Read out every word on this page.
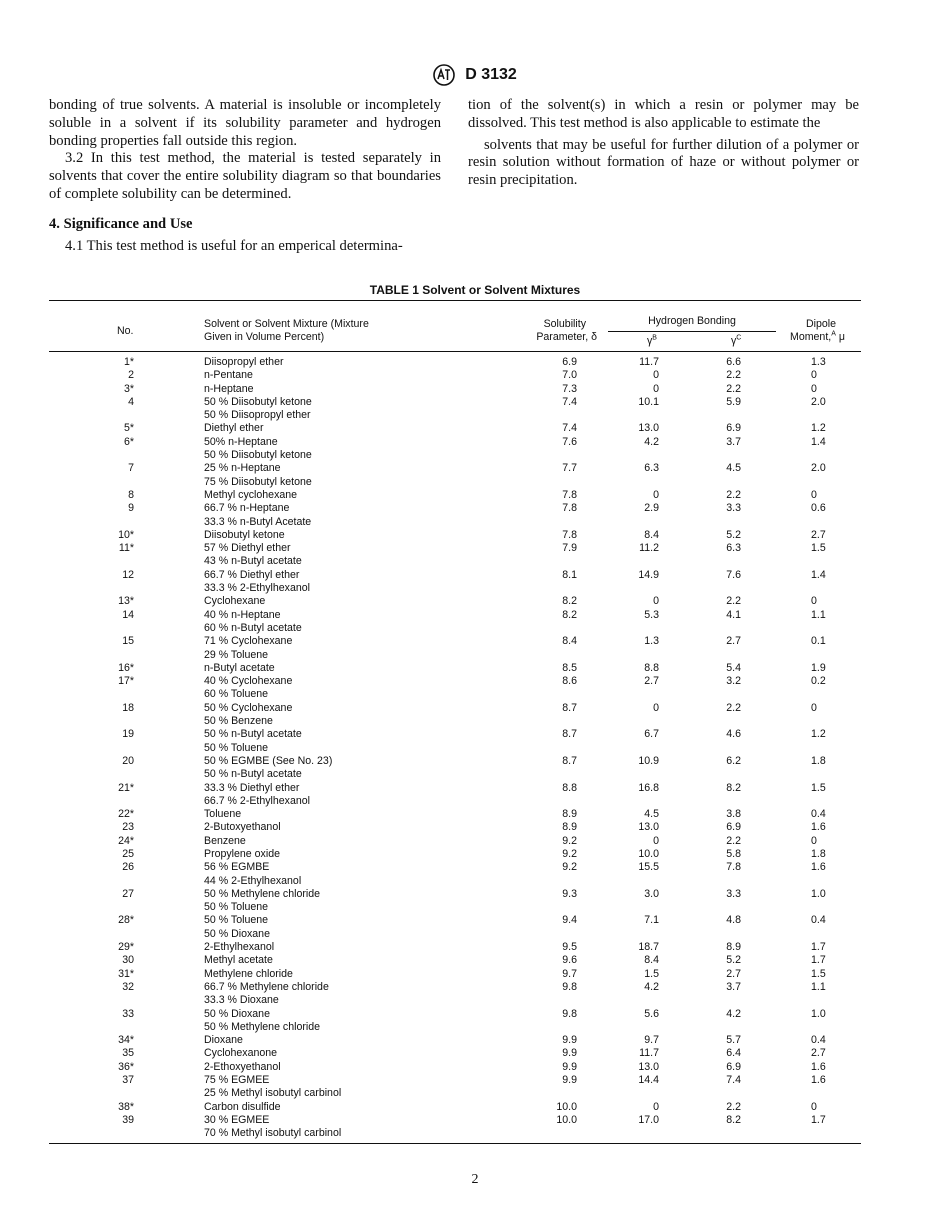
D 3132

bonding of true solvents. A material is insoluble or incompletely soluble in a solvent if its solubility parameter and hydrogen bonding properties fall outside this region.

3.2 In this test method, the material is tested separately in solvents that cover the entire solubility diagram so that boundaries of complete solubility can be determined.

4. Significance and Use

4.1 This test method is useful for an emperical determina-

tion of the solvent(s) in which a resin or polymer may be dissolved. This test method is also applicable to estimate the

solvents that may be useful for further dilution of a polymer or resin solution without formation of haze or without polymer or resin precipitation.

TABLE 1 Solvent or Solvent Mixtures
No.
Solvent or Solvent Mixture (Mixture
Given in Volume Percent)
Solubility
Parameter, δ
Hydrogen Bonding
$\gamma^B$	$\gamma^C$
Dipole
Moment,$^A$ μ
1*	Diisopropyl ether	6.9	11.7	6.6	1.3
2	n-Pentane	7.0	0	2.2	0
3*	n-Heptane	7.3	0	2.2	0
4	50 % Diisobutyl ketone	7.4	10.1	5.9	2.0
50 % Diisopropyl ether
5*	Diethyl ether	7.4	13.0	6.9	1.2
6*	50% n-Heptane	7.6	4.2	3.7	1.4
50 % Diisobutyl ketone
7	25 % n-Heptane	7.7	6.3	4.5	2.0
75 % Diisobutyl ketone
8	Methyl cyclohexane	7.8	0	2.2	0
9	66.7 % n-Heptane	7.8	2.9	3.3	0.6
33.3 % n-Butyl Acetate
10*	Diisobutyl ketone	7.8	8.4	5.2	2.7
11*	57 % Diethyl ether	7.9	11.2	6.3	1.5
43 % n-Butyl acetate
12	66.7 % Diethyl ether	8.1	14.9	7.6	1.4
33.3 % 2-Ethylhexanol
13*	Cyclohexane	8.2	0	2.2	0
14	40 % n-Heptane	8.2	5.3	4.1	1.1
60 % n-Butyl acetate
15	71 % Cyclohexane	8.4	1.3	2.7	0.1
29 % Toluene
16*	n-Butyl acetate	8.5	8.8	5.4	1.9
17*	40 % Cyclohexane	8.6	2.7	3.2	0.2
60 % Toluene
18	50 % Cyclohexane	8.7	0	2.2	0
50 % Benzene
19	50 % n-Butyl acetate	8.7	6.7	4.6	1.2
50 % Toluene
20	50 % EGMBE (See No. 23)	8.7	10.9	6.2	1.8
50 % n-Butyl acetate
21*	33.3 % Diethyl ether	8.8	16.8	8.2	1.5
66.7 % 2-Ethylhexanol
22*	Toluene	8.9	4.5	3.8	0.4
23	2-Butoxyethanol	8.9	13.0	6.9	1.6
24*	Benzene	9.2	0	2.2	0
25	Propylene oxide	9.2	10.0	5.8	1.8
26	56 % EGMBE	9.2	15.5	7.8	1.6
44 % 2-Ethylhexanol
27	50 % Methylene chloride	9.3	3.0	3.3	1.0
50 % Toluene
28*	50 % Toluene	9.4	7.1	4.8	0.4
50 % Dioxane
29*	2-Ethylhexanol	9.5	18.7	8.9	1.7
30	Methyl acetate	9.6	8.4	5.2	1.7
31*	Methylene chloride	9.7	1.5	2.7	1.5
32	66.7 % Methylene chloride	9.8	4.2	3.7	1.1
33.3 % Dioxane
33	50 % Dioxane	9.8	5.6	4.2	1.0
50 % Methylene chloride
34*	Dioxane	9.9	9.7	5.7	0.4
35	Cyclohexanone	9.9	11.7	6.4	2.7
36*	2-Ethoxyethanol	9.9	13.0	6.9	1.6
37	75 % EGMEE	9.9	14.4	7.4	1.6
25 % Methyl isobutyl carbinol
38*	Carbon disulfide	10.0	0	2.2	0
39	30 % EGMEE	10.0	17.0	8.2	1.7
70 % Methyl isobutyl carbinol
2
